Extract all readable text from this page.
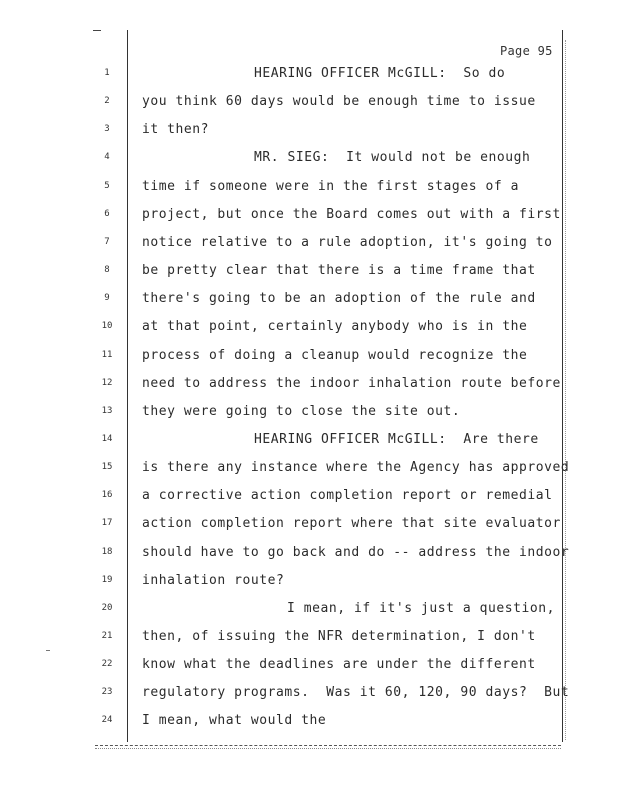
Page 95
1	HEARING OFFICER McGILL:  So do
2	you think 60 days would be enough time to issue
3	it then?
4	MR. SIEG:  It would not be enough
5	time if someone were in the first stages of a
6	project, but once the Board comes out with a first
7	notice relative to a rule adoption, it's going to
8	be pretty clear that there is a time frame that
9	there's going to be an adoption of the rule and
10	at that point, certainly anybody who is in the
11	process of doing a cleanup would recognize the
12	need to address the indoor inhalation route before
13	they were going to close the site out.
14	HEARING OFFICER McGILL:  Are there
15	is there any instance where the Agency has approved
16	a corrective action completion report or remedial
17	action completion report where that site evaluator
18	should have to go back and do -- address the indoor
19	inhalation route?
20	I mean, if it's just a question,
21	then, of issuing the NFR determination, I don't
22	know what the deadlines are under the different
23	regulatory programs.  Was it 60, 120, 90 days?  But
24	I mean, what would the
